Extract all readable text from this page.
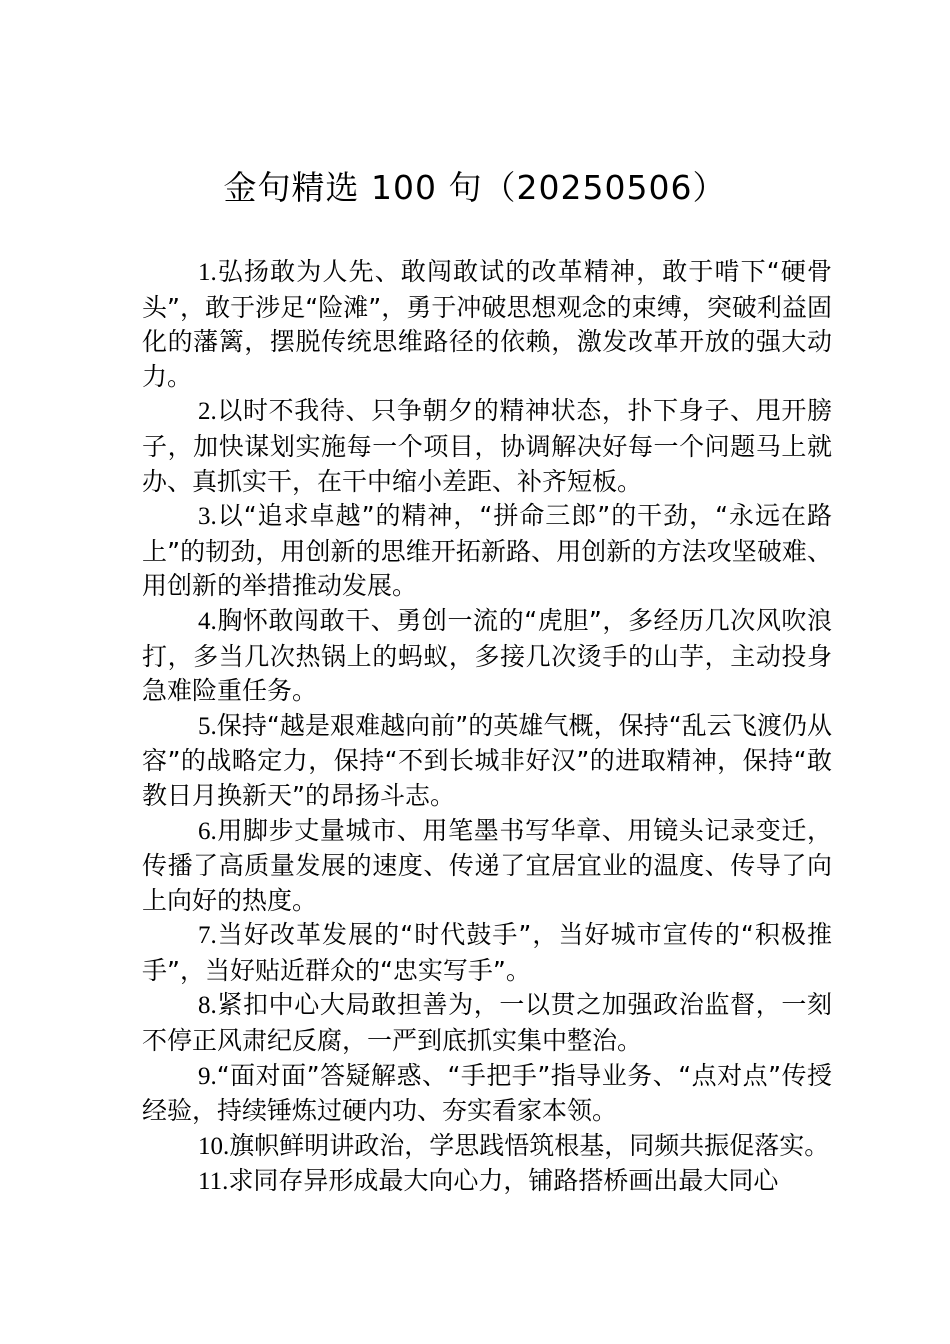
金句精选 100 句（20250506）

1.弘扬敢为人先、敢闯敢试的改革精神，敢于啃下“硬骨头”，敢于涉足“险滩”，勇于冲破思想观念的束缚，突破利益固化的藩篱，摆脱传统思维路径的依赖，激发改革开放的强大动力。

2.以时不我待、只争朝夕的精神状态，扑下身子、甩开膀子，加快谋划实施每一个项目，协调解决好每一个问题马上就办、真抓实干，在干中缩小差距、补齐短板。

3.以“追求卓越”的精神，“拼命三郎”的干劲，“永远在路上”的韧劲，用创新的思维开拓新路、用创新的方法攻坚破难、用创新的举措推动发展。

4.胸怀敢闯敢干、勇创一流的“虎胆”，多经历几次风吹浪打，多当几次热锅上的蚂蚁，多接几次烫手的山芋，主动投身急难险重任务。

5.保持“越是艰难越向前”的英雄气概，保持“乱云飞渡仍从容”的战略定力，保持“不到长城非好汉”的进取精神，保持“敢教日月换新天”的昂扬斗志。

6.用脚步丈量城市、用笔墨书写华章、用镜头记录变迁，传播了高质量发展的速度、传递了宜居宜业的温度、传导了向上向好的热度。

7.当好改革发展的“时代鼓手”，当好城市宣传的“积极推手”，当好贴近群众的“忠实写手”。

8.紧扣中心大局敢担善为，一以贯之加强政治监督，一刻不停正风肃纪反腐，一严到底抓实集中整治。

9.“面对面”答疑解惑、“手把手”指导业务、“点对点”传授经验，持续锤炼过硬内功、夯实看家本领。

10.旗帜鲜明讲政治，学思践悟筑根基，同频共振促落实。

11.求同存异形成最大向心力，铺路搭桥画出最大同心
